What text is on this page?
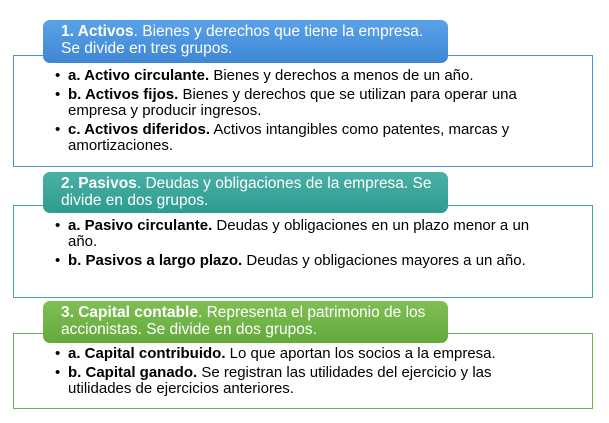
1. Activos. Bienes y derechos que tiene la empresa. Se divide en tres grupos.
• a. Activo circulante. Bienes y derechos a menos de un año.
• b. Activos fijos. Bienes y derechos que se utilizan para operar una empresa y producir ingresos.
• c. Activos diferidos. Activos intangibles como patentes, marcas y amortizaciones.
2. Pasivos. Deudas y obligaciones de la empresa. Se divide en dos grupos.
• a. Pasivo circulante. Deudas y obligaciones en un plazo menor a un año.
• b. Pasivos a largo plazo. Deudas y obligaciones mayores a un año.
3. Capital contable. Representa el patrimonio de los accionistas. Se divide en dos grupos.
• a. Capital contribuido. Lo que aportan los socios a la empresa.
• b. Capital ganado. Se registran las utilidades del ejercicio y las utilidades de ejercicios anteriores.
